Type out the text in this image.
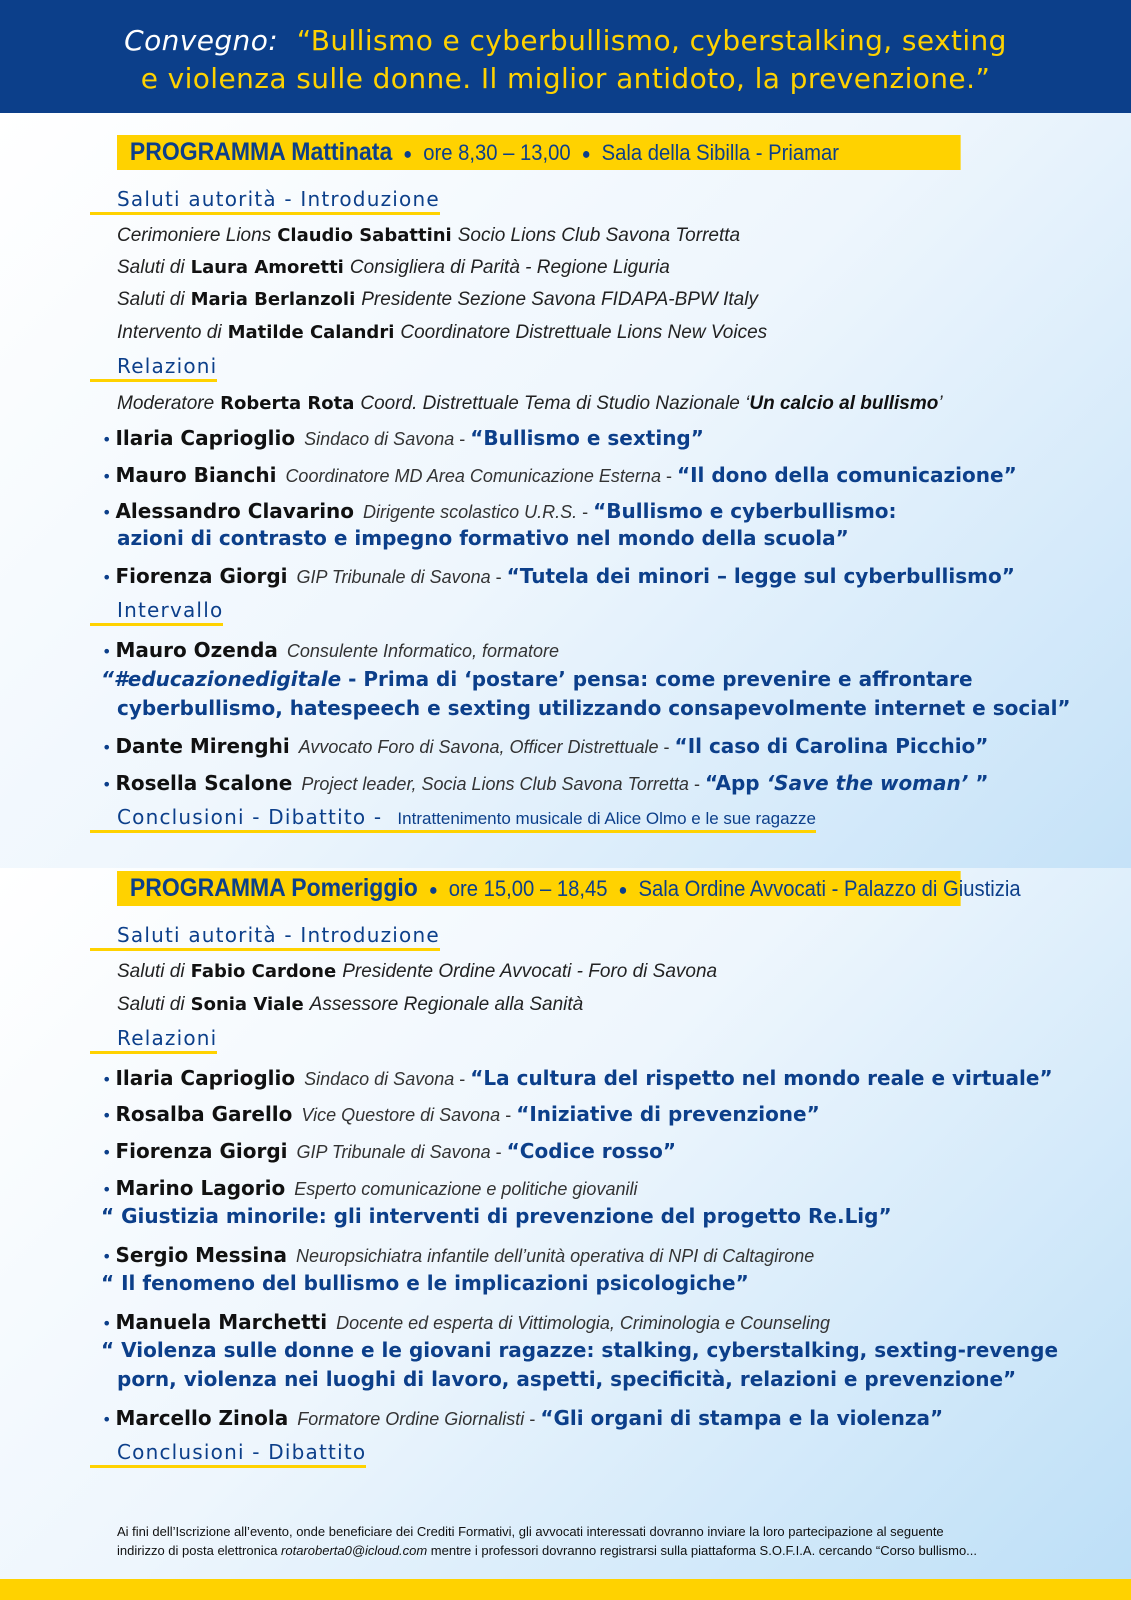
Convegno: “Bullismo e cyberbullismo, cyberstalking, sexting
e violenza sulle donne. Il miglior antidoto, la prevenzione.”
PROGRAMMA Mattinata ● ore 8,30 – 13,00 ● Sala della Sibilla - Priamar
Saluti autorità - Introduzione
Cerimoniere Lions Claudio Sabattini Socio Lions Club Savona Torretta
Saluti di Laura Amoretti Consigliera di Parità - Regione Liguria
Saluti di Maria Berlanzoli Presidente Sezione Savona FIDAPA-BPW Italy
Intervento di Matilde Calandri Coordinatore Distrettuale Lions New Voices
Relazioni
Moderatore Roberta Rota Coord. Distrettuale Tema di Studio Nazionale ‘Un calcio al bullismo’
• Ilaria Caprioglio Sindaco di Savona - “Bullismo e sexting”
• Mauro Bianchi Coordinatore MD Area Comunicazione Esterna - “Il dono della comunicazione”
• Alessandro Clavarino Dirigente scolastico U.R.S. - “Bullismo e cyberbullismo:
azioni di contrasto e impegno formativo nel mondo della scuola”
• Fiorenza Giorgi GIP Tribunale di Savona - “Tutela dei minori – legge sul cyberbullismo”
Intervallo
• Mauro Ozenda Consulente Informatico, formatore
“#educazionedigitale - Prima di ‘postare’ pensa: come prevenire e affrontare
cyberbullismo, hatespeech e sexting utilizzando consapevolmente internet e social”
• Dante Mirenghi Avvocato Foro di Savona, Officer Distrettuale - “Il caso di Carolina Picchio”
• Rosella Scalone Project leader, Socia Lions Club Savona Torretta - “App ‘Save the woman’ ”
Conclusioni - Dibattito - Intrattenimento musicale di Alice Olmo e le sue ragazze
PROGRAMMA Pomeriggio ● ore 15,00 – 18,45 ● Sala Ordine Avvocati - Palazzo di Giustizia
Saluti autorità - Introduzione
Saluti di Fabio Cardone Presidente Ordine Avvocati - Foro di Savona
Saluti di Sonia Viale Assessore Regionale alla Sanità
Relazioni
• Ilaria Caprioglio Sindaco di Savona - “La cultura del rispetto nel mondo reale e virtuale”
• Rosalba Garello Vice Questore di Savona - “Iniziative di prevenzione”
• Fiorenza Giorgi GIP Tribunale di Savona - “Codice rosso”
• Marino Lagorio Esperto comunicazione e politiche giovanili
“ Giustizia minorile: gli interventi di prevenzione del progetto Re.Lig”
• Sergio Messina Neuropsichiatra infantile dell’unità operativa di NPI di Caltagirone
“ Il fenomeno del bullismo e le implicazioni psicologiche”
• Manuela Marchetti Docente ed esperta di Vittimologia, Criminologia e Counseling
“ Violenza sulle donne e le giovani ragazze: stalking, cyberstalking, sexting-revenge
porn, violenza nei luoghi di lavoro, aspetti, specificità, relazioni e prevenzione”
• Marcello Zinola Formatore Ordine Giornalisti - “Gli organi di stampa e la violenza”
Conclusioni - Dibattito
Ai fini dell’Iscrizione all’evento, onde beneficiare dei Crediti Formativi, gli avvocati interessati dovranno inviare la loro partecipazione al seguente
indirizzo di posta elettronica rotaroberta0@icloud.com mentre i professori dovranno registrarsi sulla piattaforma S.O.F.I.A. cercando “Corso bullismo...
